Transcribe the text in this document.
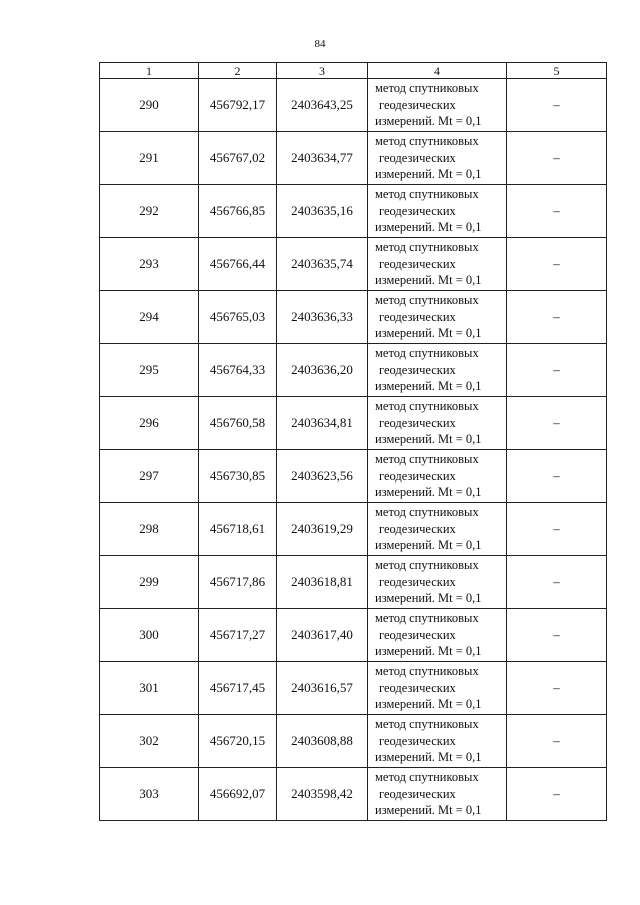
84
1	2	3	4	5
290	456792,17	2403643,25	метод спутниковых
геодезических
измерений. Mt = 0,1	–
291	456767,02	2403634,77	метод спутниковых
геодезических
измерений. Mt = 0,1	–
292	456766,85	2403635,16	метод спутниковых
геодезических
измерений. Mt = 0,1	–
293	456766,44	2403635,74	метод спутниковых
геодезических
измерений. Mt = 0,1	–
294	456765,03	2403636,33	метод спутниковых
геодезических
измерений. Mt = 0,1	–
295	456764,33	2403636,20	метод спутниковых
геодезических
измерений. Mt = 0,1	–
296	456760,58	2403634,81	метод спутниковых
геодезических
измерений. Mt = 0,1	–
297	456730,85	2403623,56	метод спутниковых
геодезических
измерений. Mt = 0,1	–
298	456718,61	2403619,29	метод спутниковых
геодезических
измерений. Mt = 0,1	–
299	456717,86	2403618,81	метод спутниковых
геодезических
измерений. Mt = 0,1	–
300	456717,27	2403617,40	метод спутниковых
геодезических
измерений. Mt = 0,1	–
301	456717,45	2403616,57	метод спутниковых
геодезических
измерений. Mt = 0,1	–
302	456720,15	2403608,88	метод спутниковых
геодезических
измерений. Mt = 0,1	–
303	456692,07	2403598,42	метод спутниковых
геодезических
измерений. Mt = 0,1	–
